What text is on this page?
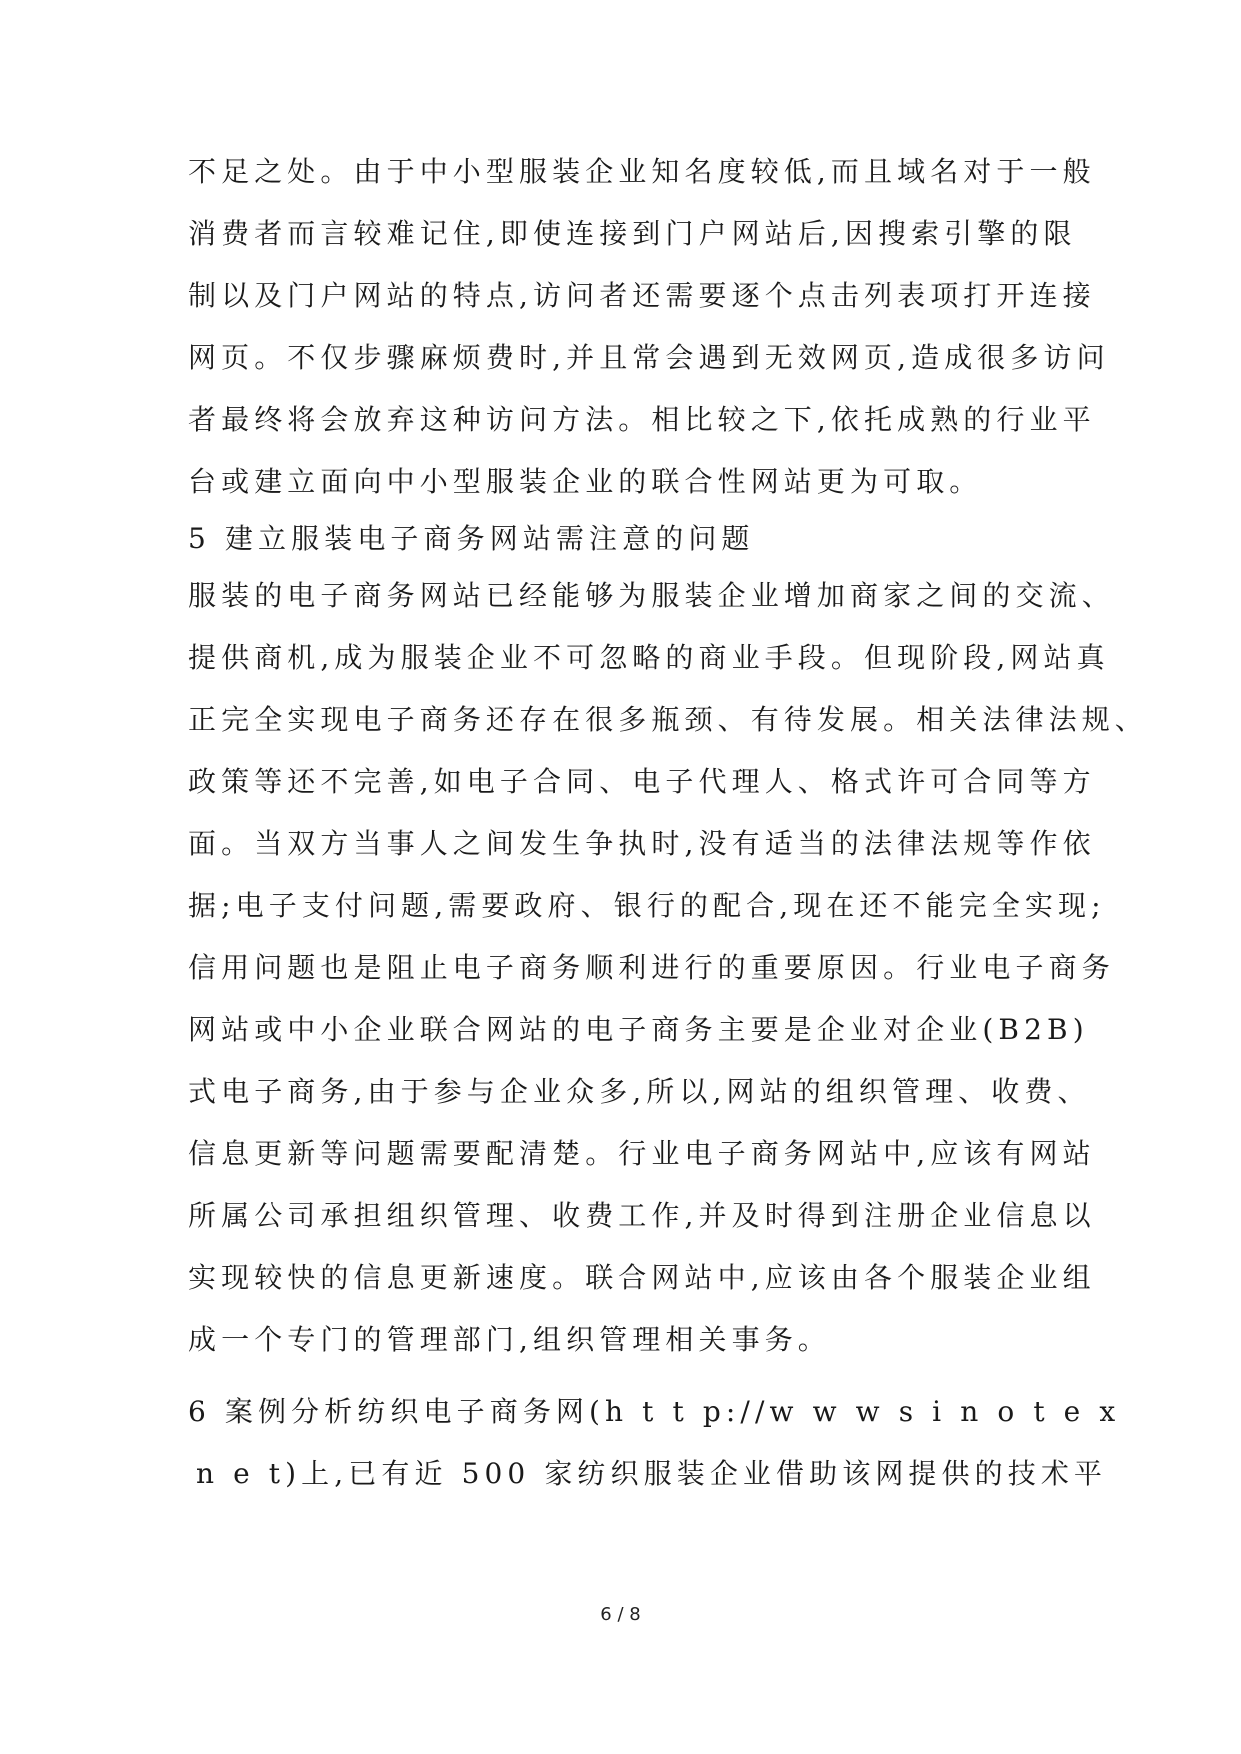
不足之处。由于中小型服装企业知名度较低,而且域名对于一般
消费者而言较难记住,即使连接到门户网站后,因搜索引擎的限
制以及门户网站的特点,访问者还需要逐个点击列表项打开连接
网页。不仅步骤麻烦费时,并且常会遇到无效网页,造成很多访问
者最终将会放弃这种访问方法。相比较之下,依托成熟的行业平
台或建立面向中小型服装企业的联合性网站更为可取。
5 建立服装电子商务网站需注意的问题
服装的电子商务网站已经能够为服装企业增加商家之间的交流、
提供商机,成为服装企业不可忽略的商业手段。但现阶段,网站真
正完全实现电子商务还存在很多瓶颈、有待发展。相关法律法规、
政策等还不完善,如电子合同、电子代理人、格式许可合同等方
面。当双方当事人之间发生争执时,没有适当的法律法规等作依
据;电子支付问题,需要政府、银行的配合,现在还不能完全实现;
信用问题也是阻止电子商务顺利进行的重要原因。行业电子商务
网站或中小企业联合网站的电子商务主要是企业对企业(B2B)
式电子商务,由于参与企业众多,所以,网站的组织管理、收费、
信息更新等问题需要配清楚。行业电子商务网站中,应该有网站
所属公司承担组织管理、收费工作,并及时得到注册企业信息以
实现较快的信息更新速度。联合网站中,应该由各个服装企业组
成一个专门的管理部门,组织管理相关事务。
6 案例分析纺织电子商务网(h t t p://w w w s i n o t e x
n e t)上,已有近 500 家纺织服装企业借助该网提供的技术平
6 / 8
